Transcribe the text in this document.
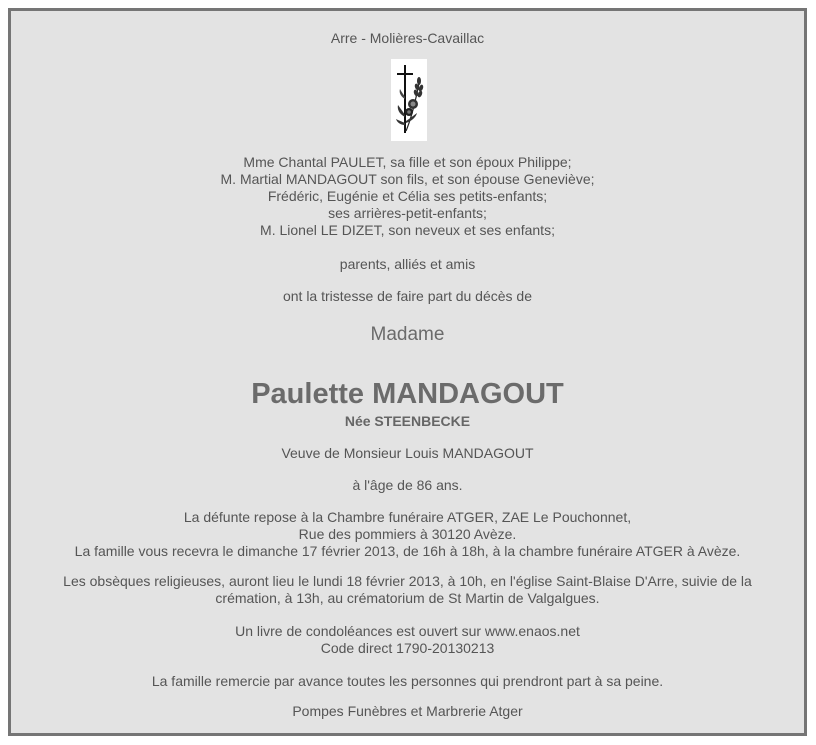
Arre - Molières-Cavaillac
Mme Chantal PAULET, sa fille et son époux Philippe;
M. Martial MANDAGOUT son fils, et son épouse Geneviève;
Frédéric, Eugénie et Célia ses petits-enfants;
ses arrières-petit-enfants;
M. Lionel LE DIZET, son neveux et ses enfants;
parents, alliés et amis
ont la tristesse de faire part du décès de
Madame
Paulette MANDAGOUT
Née STEENBECKE
Veuve de Monsieur Louis MANDAGOUT
à l'âge de 86 ans.
La défunte repose à la Chambre funéraire ATGER, ZAE Le Pouchonnet,
Rue des pommiers à 30120 Avèze.
La famille vous recevra le dimanche 17 février 2013, de 16h à 18h, à la chambre funéraire ATGER à Avèze.
Les obsèques religieuses, auront lieu le lundi 18 février 2013, à 10h, en l'église Saint-Blaise D'Arre, suivie de la
crémation, à 13h, au crématorium de St Martin de Valgalgues.
Un livre de condoléances est ouvert sur www.enaos.net
Code direct 1790-20130213
La famille remercie par avance toutes les personnes qui prendront part à sa peine.
Pompes Funèbres et Marbrerie Atger
